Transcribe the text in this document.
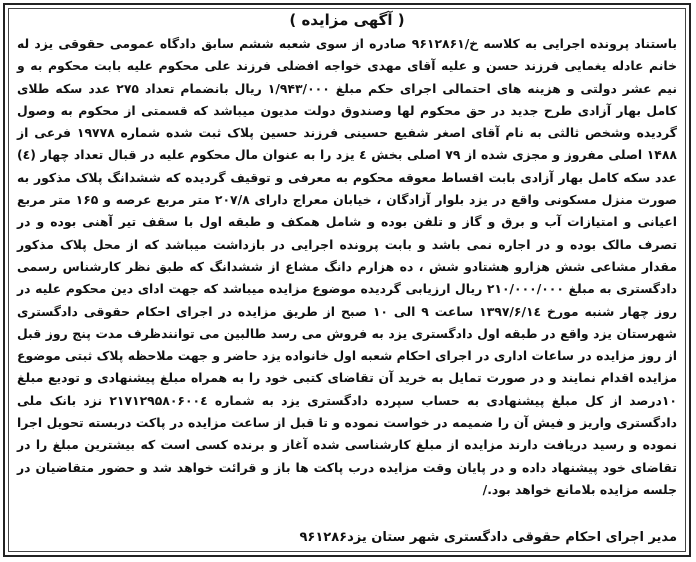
( آگهی مزایده )
باستناد پرونده اجرایی به کلاسه خ/۹۶۱۲۸۶۱ صادره از سوی شعبه ششم سابق دادگاه عمومی حقوقی یزد له خانم عادله یغمایی فرزند حسن و علیه آقای مهدی خواجه افضلی فرزند علی محکوم علیه بابت محکوم به و نیم عشر دولتی و هزینه های احتمالی اجرای حکم مبلغ ۱/۹۴۳/۰۰۰ ریال بانضمام تعداد ۲۷۵ عدد سکه طلای کامل بهار آزادی طرح جدید در حق محکوم لها وصندوق دولت مدیون میباشد که قسمتی از محکوم به وصول گردیده وشخص ثالثی به نام آقای اصغر شفیع حسینی فرزند حسین پلاک ثبت شده شماره ۱۹۷۷۸ فرعی از ۱۴۸۸ اصلی مفروز و مجزی شده از ۷۹ اصلی بخش ٤ یزد را به عنوان مال محکوم علیه در قبال تعداد چهار (٤) عدد سکه کامل بهار آزادی بابت اقساط معوقه محکوم به معرفی و توقیف گردیده که ششدانگ پلاک مذکور به صورت منزل مسکونی واقع در یزد بلوار آزادگان ، خیابان معراج دارای ۲۰۷/۸ متر مربع عرصه و ۱۶۵ متر مربع اعیانی و امتیازات آب و برق و گاز و تلفن بوده و شامل همکف و طبقه اول با سقف تیر آهنی بوده و در تصرف مالک بوده و در اجاره نمی باشد و بابت پرونده اجرایی در بازداشت میباشد که از محل پلاک مذکور مقدار مشاعی شش هزارو هشتادو شش ، ده هزارم دانگ مشاع از ششدانگ که طبق نظر کارشناس رسمی دادگستری به مبلغ ۲۱۰/۰۰۰/۰۰۰ ریال ارزیابی گردیده موضوع مزایده میباشد که جهت ادای دین محکوم علیه در روز چهار شنبه مورخ ۱۳۹۷/۶/۱٤ ساعت ۹ الی ۱۰ صبح از طریق مزایده در اجرای احکام حقوقی دادگستری شهرستان یزد واقع در طبقه اول دادگستری یزد به فروش می رسد طالبین می توانندظرف مدت پنج روز قبل از روز مزایده در ساعات اداری در اجرای احکام شعبه اول خانواده یزد حاضر و جهت ملاحظه پلاک ثبتی موضوع مزایده اقدام نمایند و در صورت تمایل به خرید آن تقاضای کتبی خود را به همراه مبلغ پیشنهادی و تودیع مبلغ ۱۰درصد از کل مبلغ پیشنهادی به حساب سپرده دادگستری یزد به شماره ۲۱۷۱۲۹۵۸۰۶۰۰٤ نزد بانک ملی دادگستری واریز و فیش آن را ضمیمه در خواست نموده و تا قبل از ساعت مزایده در پاکت دربسته تحویل اجرا نموده و رسید دریافت دارند مزایده از مبلغ کارشناسی شده آغاز و برنده کسی است که بیشترین مبلغ را در تقاضای خود پیشنهاد داده و در پایان وقت مزایده درب پاکت ها باز و قرائت خواهد شد و حضور متقاضیان در جلسه مزایده بلامانع خواهد بود./
مدیر اجرای احکام حقوقی دادگستری شهر ستان یزد۹۶۱۲۸۶
